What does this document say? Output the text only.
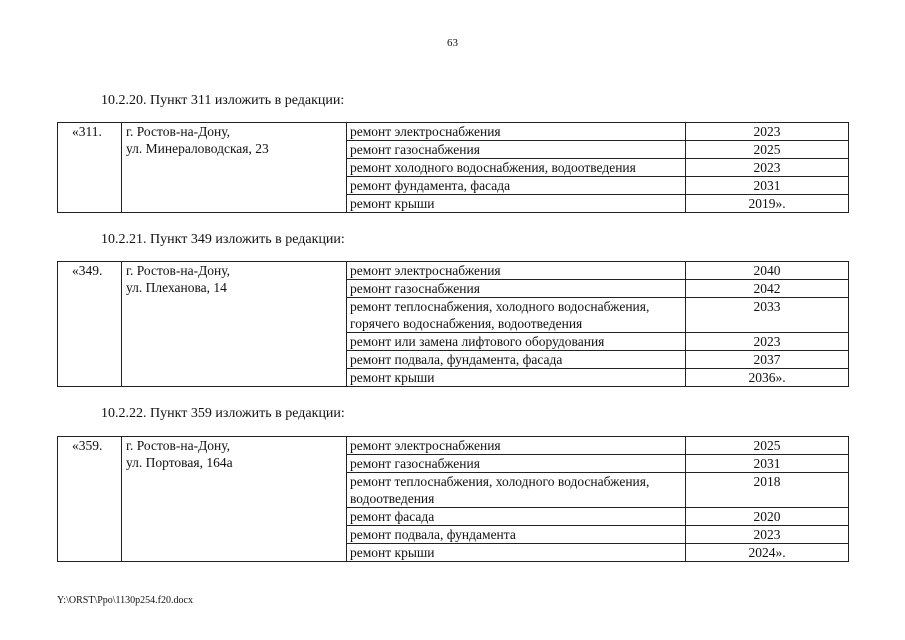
63
10.2.20. Пункт 311 изложить в редакции:
«311.	г. Ростов-на-Дону,
ул. Минераловодская, 23	ремонт электроснабжения	2023
		ремонт газоснабжения	2025
		ремонт холодного водоснабжения, водоотведения	2023
		ремонт фундамента, фасада	2031
		ремонт крыши	2019».
10.2.21. Пункт 349 изложить в редакции:
«349.	г. Ростов-на-Дону,
ул. Плеханова, 14	ремонт электроснабжения	2040
		ремонт газоснабжения	2042
		ремонт теплоснабжения, холодного водоснабжения,
горячего водоснабжения, водоотведения	2033
		ремонт или замена лифтового оборудования	2023
		ремонт подвала, фундамента, фасада	2037
		ремонт крыши	2036».
10.2.22. Пункт 359 изложить в редакции:
«359.	г. Ростов-на-Дону,
ул. Портовая, 164а	ремонт электроснабжения	2025
		ремонт газоснабжения	2031
		ремонт теплоснабжения, холодного водоснабжения,
водоотведения	2018
		ремонт фасада	2020
		ремонт подвала, фундамента	2023
		ремонт крыши	2024».
Y:\ORST\Ppo\1130p254.f20.docx
